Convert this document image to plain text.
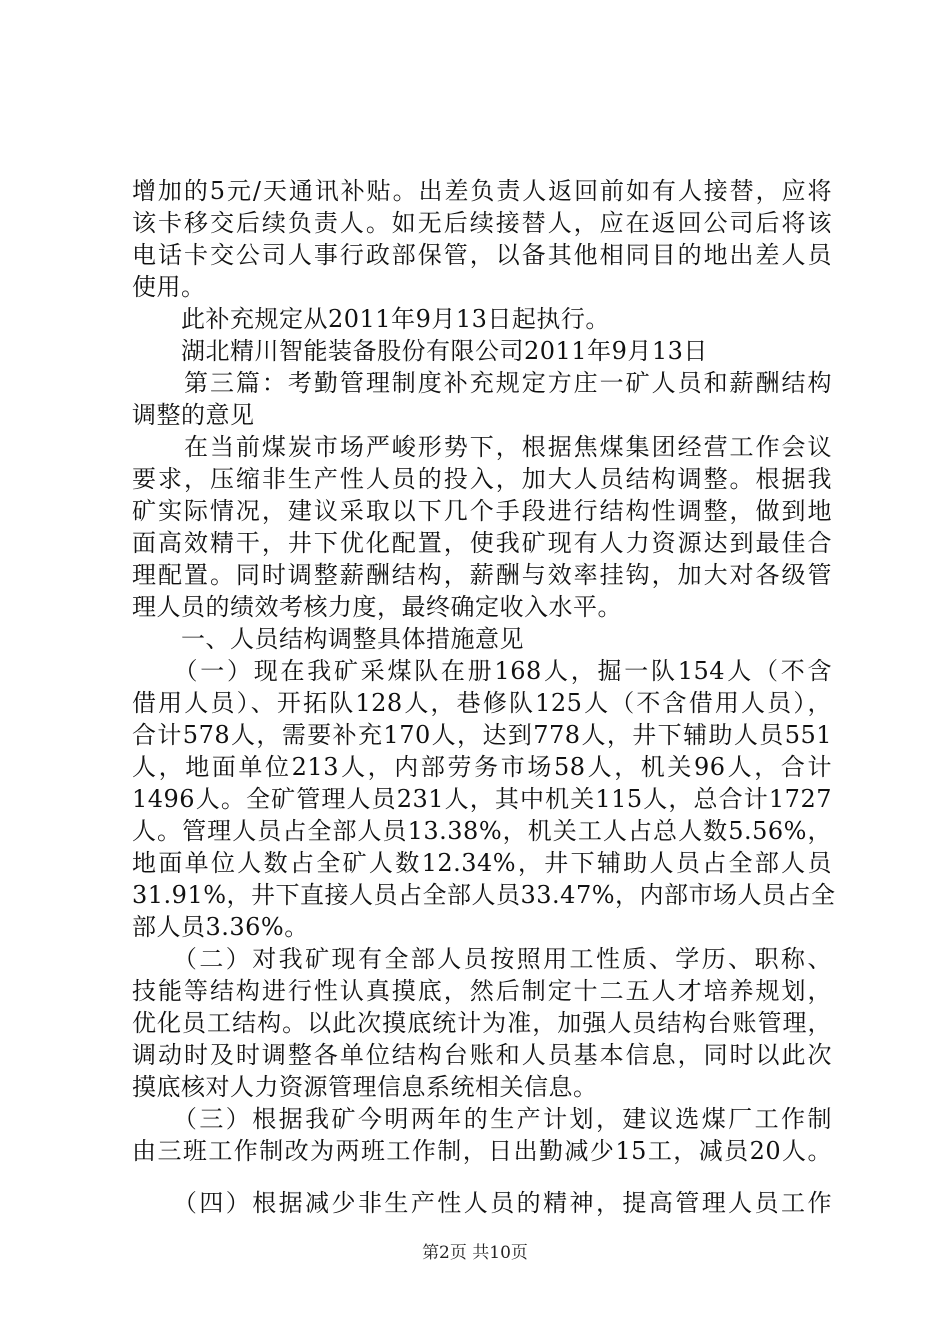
增加的5元/天通讯补贴。出差负责人返回前如有人接替，应将
该卡移交后续负责人。如无后续接替人，应在返回公司后将该
电话卡交公司人事行政部保管，以备其他相同目的地出差人员
使用。
　　此补充规定从2011年9月13日起执行。
　　湖北精川智能装备股份有限公司2011年9月13日
　　第三篇：考勤管理制度补充规定方庄一矿人员和薪酬结构
调整的意见
　　在当前煤炭市场严峻形势下，根据焦煤集团经营工作会议
要求，压缩非生产性人员的投入，加大人员结构调整。根据我
矿实际情况，建议采取以下几个手段进行结构性调整，做到地
面高效精干，井下优化配置，使我矿现有人力资源达到最佳合
理配置。同时调整薪酬结构，薪酬与效率挂钩，加大对各级管
理人员的绩效考核力度，最终确定收入水平。
　　一、人员结构调整具体措施意见
　　（一）现在我矿采煤队在册168人，掘一队154人（不含
借用人员）、开拓队128人，巷修队125人（不含借用人员），
合计578人，需要补充170人，达到778人，井下辅助人员551
人，地面单位213人，内部劳务市场58人，机关96人，合计
1496人。全矿管理人员231人，其中机关115人，总合计1727
人。管理人员占全部人员13.38%，机关工人占总人数5.56%，
地面单位人数占全矿人数12.34%，井下辅助人员占全部人员
31.91%，井下直接人员占全部人员33.47%，内部市场人员占全
部人员3.36%。
　　（二）对我矿现有全部人员按照用工性质、学历、职称、
技能等结构进行性认真摸底，然后制定十二五人才培养规划，
优化员工结构。以此次摸底统计为准，加强人员结构台账管理，
调动时及时调整各单位结构台账和人员基本信息，同时以此次
摸底核对人力资源管理信息系统相关信息。
　　（三）根据我矿今明两年的生产计划，建议选煤厂工作制
由三班工作制改为两班工作制，日出勤减少15工，减员20人。
　　（四）根据减少非生产性人员的精神，提高管理人员工作
第2页 共10页
